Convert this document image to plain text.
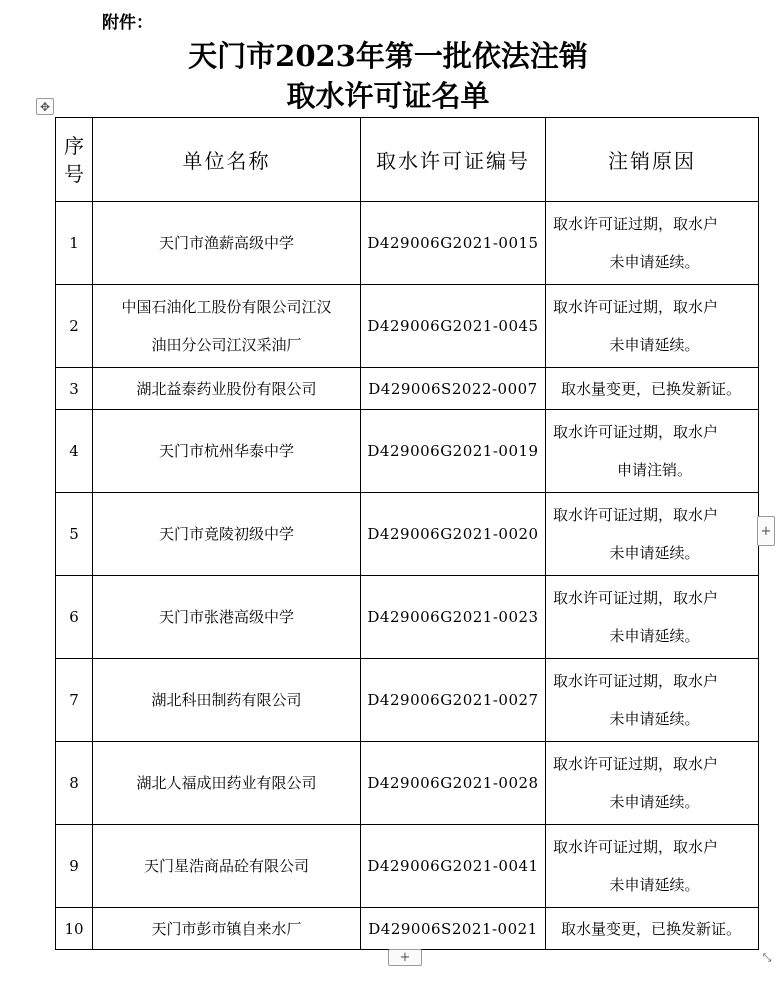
附件：

天门市2023年第一批依法注销
取水许可证名单
✥
序
号	单位名称	取水许可证编号	注销原因
1	天门市渔薪高级中学	D429006G2021-0015	取水许可证过期，取水户
未申请延续。

2	中国石油化工股份有限公司江汉
油田分公司江汉采油厂	D429006G2021-0045	取水许可证过期，取水户
未申请延续。

3	湖北益泰药业股份有限公司	D429006S2022-0007	取水量变更，已换发新证。

4	天门市杭州华泰中学	D429006G2021-0019	取水许可证过期，取水户
申请注销。

5	天门市竟陵初级中学	D429006G2021-0020	取水许可证过期，取水户
未申请延续。

6	天门市张港高级中学	D429006G2021-0023	取水许可证过期，取水户
未申请延续。

7	湖北科田制药有限公司	D429006G2021-0027	取水许可证过期，取水户
未申请延续。

8	湖北人福成田药业有限公司	D429006G2021-0028	取水许可证过期，取水户
未申请延续。

9	天门星浩商品砼有限公司	D429006G2021-0041	取水许可证过期，取水户
未申请延续。

10	天门市彭市镇自来水厂	D429006S2021-0021	取水量变更，已换发新证。
+
+	⤡
